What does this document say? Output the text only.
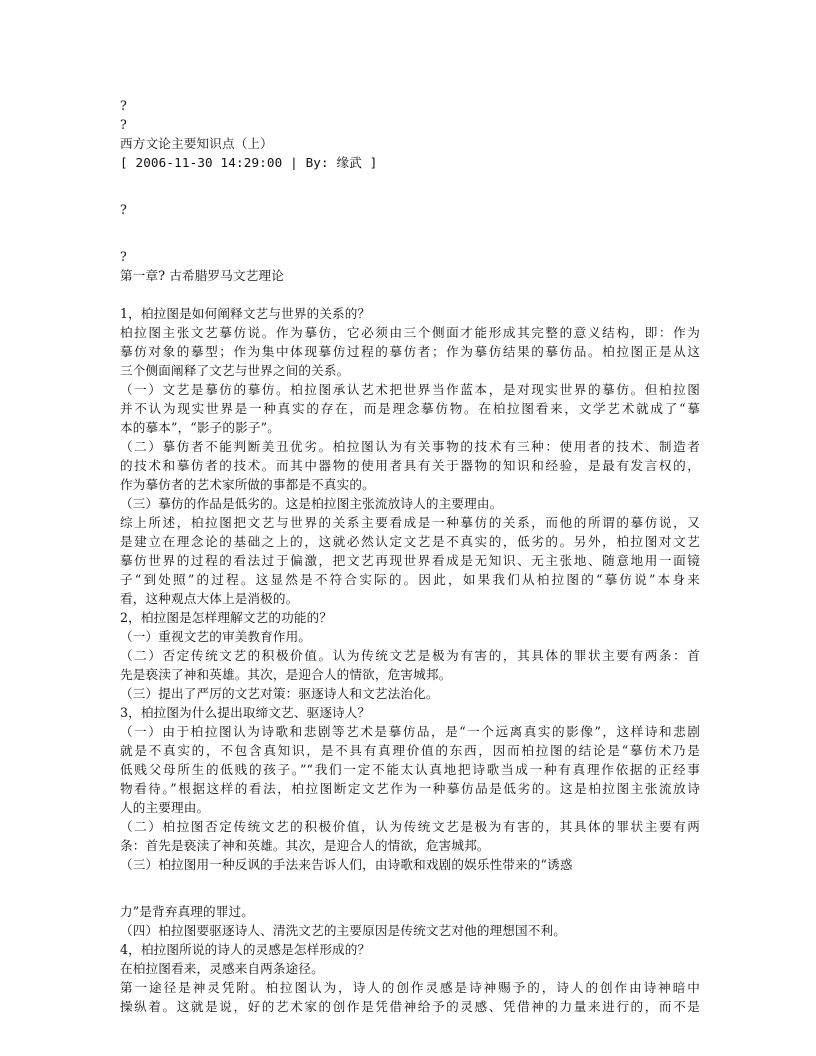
?
?
西方文论主要知识点（上）
[ 2006-11-30 14:29:00 | By: 缘武 ]
?
?
第一章? 古希腊罗马文艺理论
1，柏拉图是如何阐释文艺与世界的关系的？
柏拉图主张文艺摹仿说。作为摹仿，它必须由三个侧面才能形成其完整的意义结构，即：作为
摹仿对象的摹型；作为集中体现摹仿过程的摹仿者；作为摹仿结果的摹仿品。柏拉图正是从这
三个侧面阐释了文艺与世界之间的关系。
（一）文艺是摹仿的摹仿。柏拉图承认艺术把世界当作蓝本，是对现实世界的摹仿。但柏拉图
并不认为现实世界是一种真实的存在，而是理念摹仿物。在柏拉图看来，文学艺术就成了“摹
本的摹本”，“影子的影子”。
（二）摹仿者不能判断美丑优劣。柏拉图认为有关事物的技术有三种：使用者的技术、制造者
的技术和摹仿者的技术。而其中器物的使用者具有关于器物的知识和经验，是最有发言权的，
作为摹仿者的艺术家所做的事都是不真实的。
（三）摹仿的作品是低劣的。这是柏拉图主张流放诗人的主要理由。
综上所述，柏拉图把文艺与世界的关系主要看成是一种摹仿的关系，而他的所谓的摹仿说，又
是建立在理念论的基础之上的，这就必然认定文艺是不真实的，低劣的。另外，柏拉图对文艺
摹仿世界的过程的看法过于偏激，把文艺再现世界看成是无知识、无主张地、随意地用一面镜
子“到处照”的过程。这显然是不符合实际的。因此，如果我们从柏拉图的“摹仿说”本身来
看，这种观点大体上是消极的。
2，柏拉图是怎样理解文艺的功能的？
（一）重视文艺的审美教育作用。
（二）否定传统文艺的积极价值。认为传统文艺是极为有害的，其具体的罪状主要有两条：首
先是亵渎了神和英雄。其次，是迎合人的情欲，危害城邦。
（三）提出了严厉的文艺对策：驱逐诗人和文艺法治化。
3，柏拉图为什么提出取缔文艺、驱逐诗人？
（一）由于柏拉图认为诗歌和悲剧等艺术是摹仿品，是“一个远离真实的影像”，这样诗和悲剧
就是不真实的，不包含真知识，是不具有真理价值的东西，因而柏拉图的结论是“摹仿术乃是
低贱父母所生的低贱的孩子。”“我们一定不能太认真地把诗歌当成一种有真理作依据的正经事
物看待。”根据这样的看法，柏拉图断定文艺作为一种摹仿品是低劣的。这是柏拉图主张流放诗
人的主要理由。
（二）柏拉图否定传统文艺的积极价值，认为传统文艺是极为有害的，其具体的罪状主要有两
条：首先是亵渎了神和英雄。其次，是迎合人的情欲，危害城邦。
（三）柏拉图用一种反讽的手法来告诉人们，由诗歌和戏剧的娱乐性带来的“诱惑
力”是背弃真理的罪过。
（四）柏拉图要驱逐诗人、清洗文艺的主要原因是传统文艺对他的理想国不利。
4，柏拉图所说的诗人的灵感是怎样形成的？
在柏拉图看来，灵感来自两条途径。
第一途径是神灵凭附。柏拉图认为，诗人的创作灵感是诗神赐予的，诗人的创作由诗神暗中
操纵着。这就是说，好的艺术家的创作是凭借神给予的灵感、凭借神的力量来进行的，而不是
